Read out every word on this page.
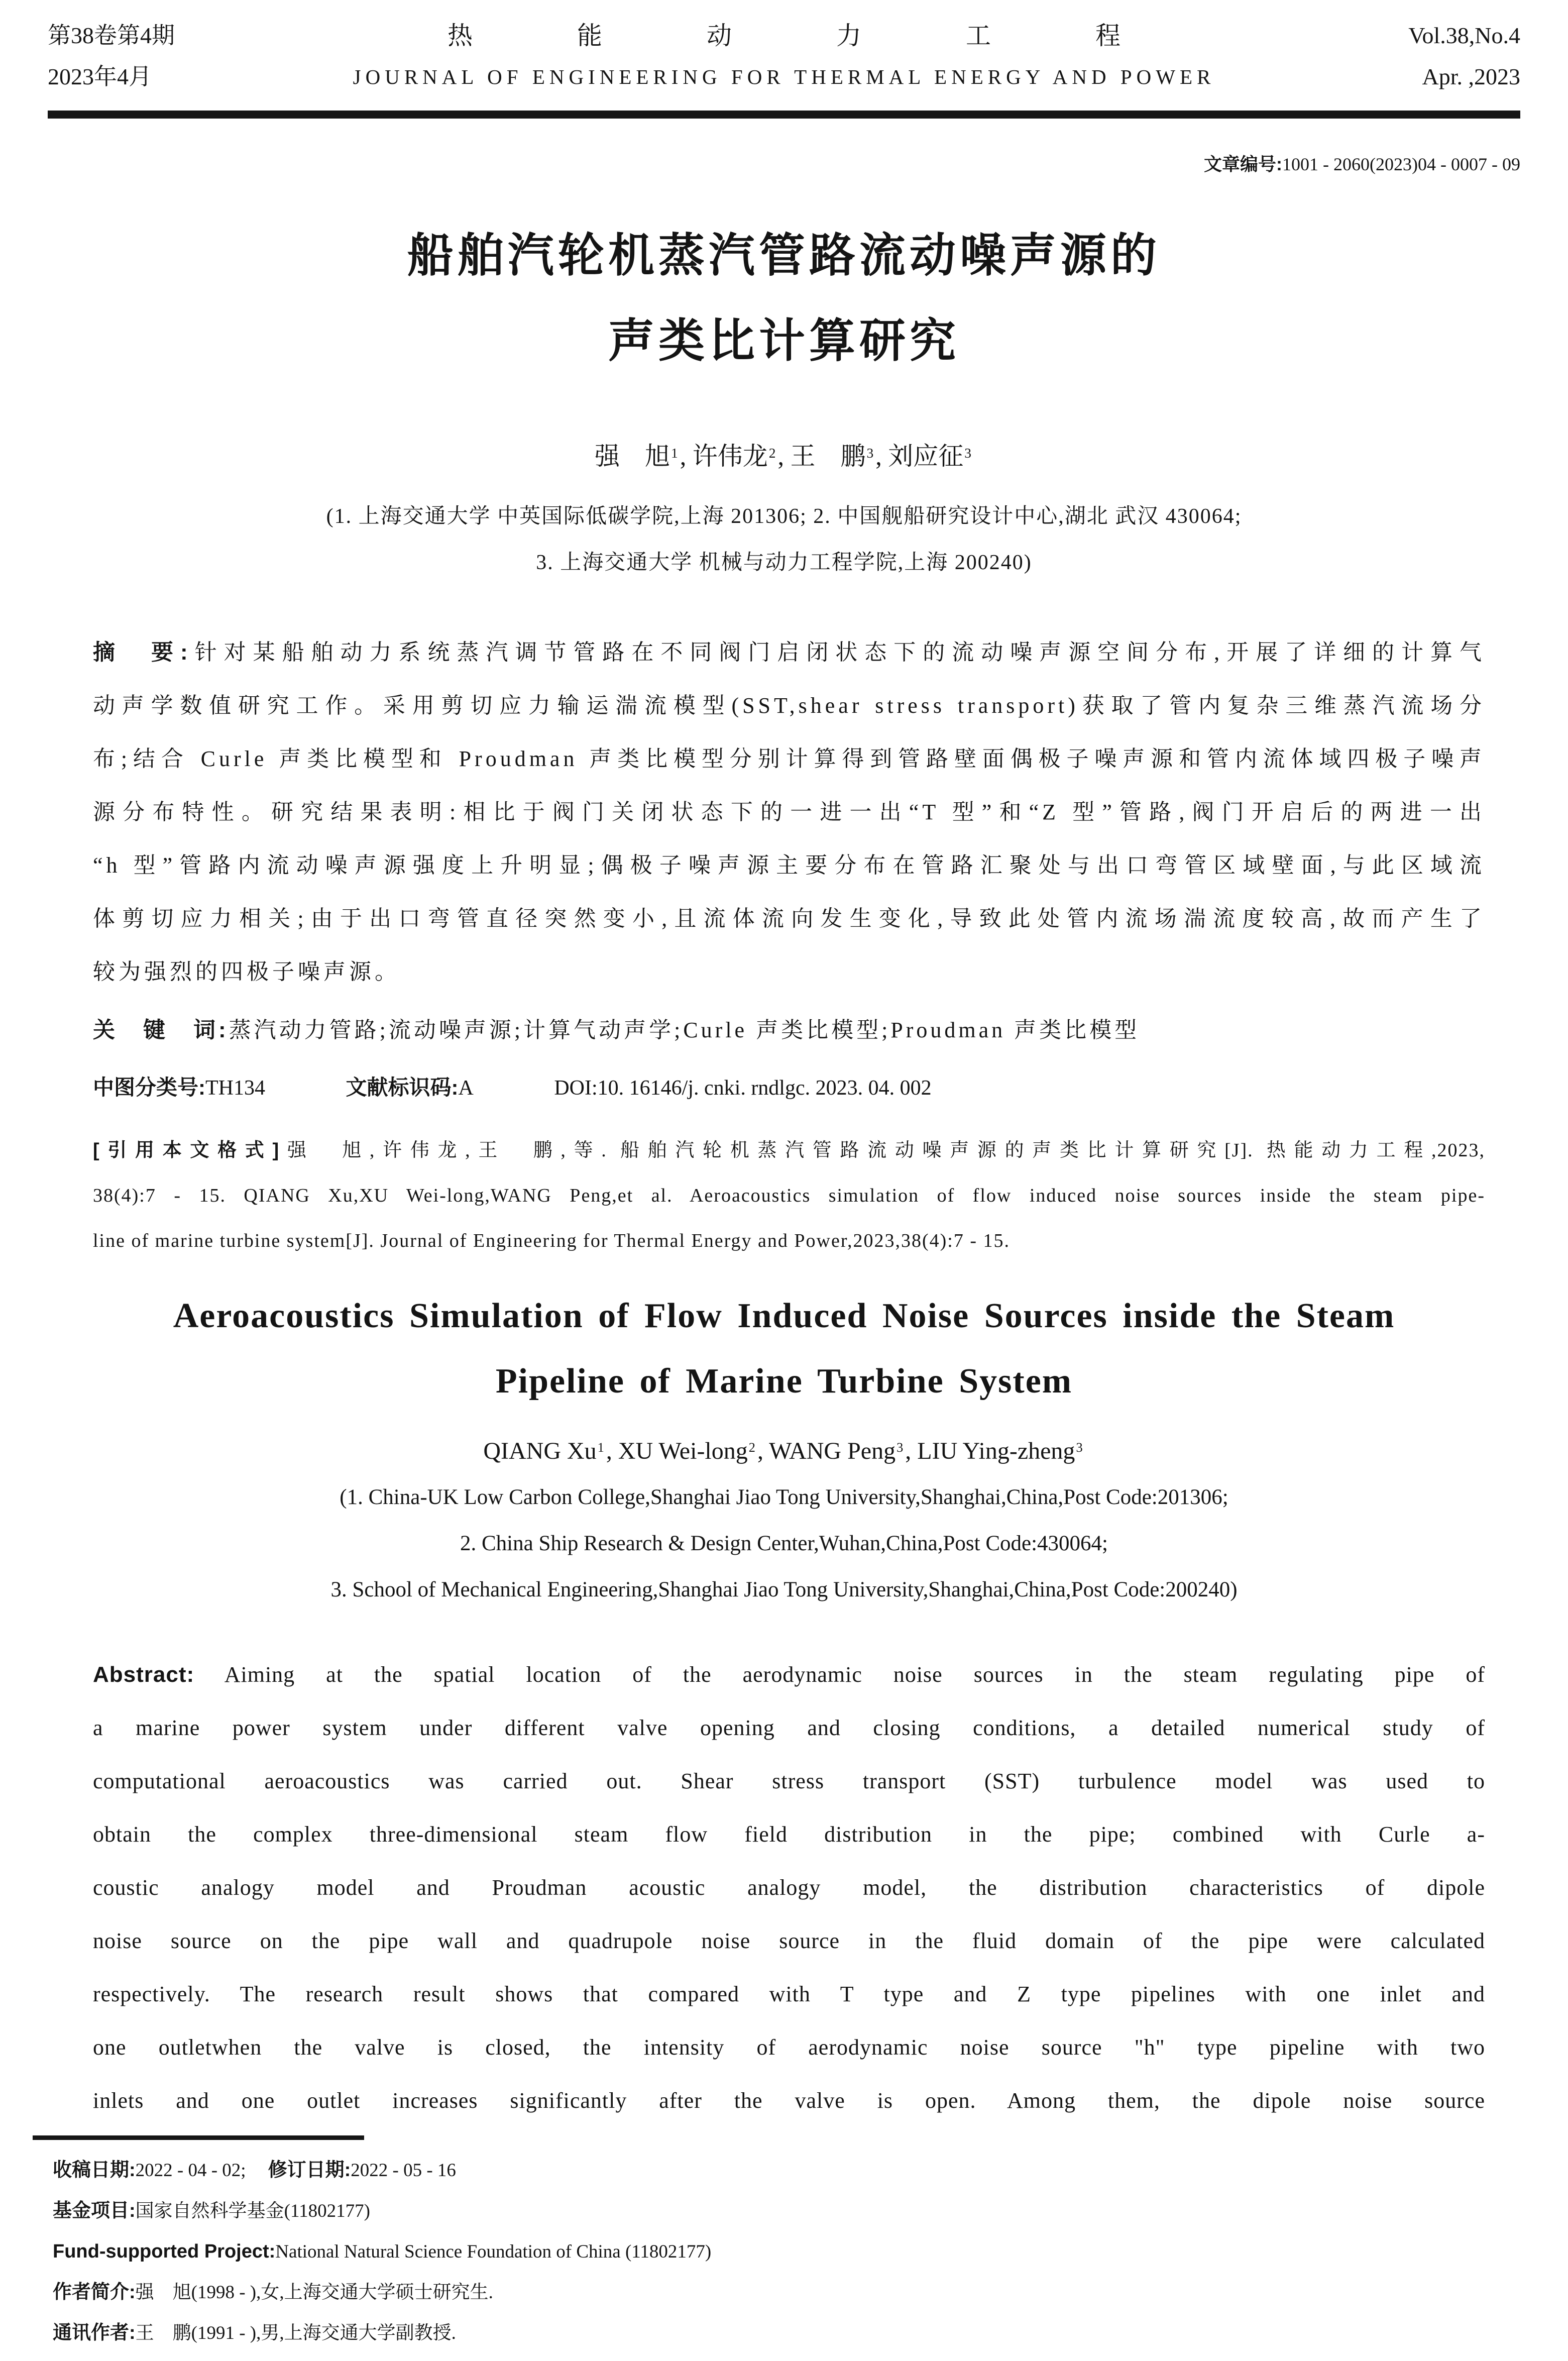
第38卷第4期
2023年4月
热能动力工程
JOURNAL OF ENGINEERING FOR THERMAL ENERGY AND POWER
Vol.38,No.4
Apr. ,2023
文章编号:1001 - 2060(2023)04 - 0007 - 09
船舶汽轮机蒸汽管路流动噪声源的
声类比计算研究
强　旭$^1$, 许伟龙$^2$, 王　鹏$^3$, 刘应征$^3$
(1. 上海交通大学 中英国际低碳学院,上海 201306; 2. 中国舰船研究设计中心,湖北 武汉 430064;
3. 上海交通大学 机械与动力工程学院,上海 200240)
摘　要:针对某船舶动力系统蒸汽调节管路在不同阀门启闭状态下的流动噪声源空间分布,开展了详细的计算气
动声学数值研究工作。采用剪切应力输运湍流模型(SST,shear stress transport)获取了管内复杂三维蒸汽流场分
布;结合 Curle 声类比模型和 Proudman 声类比模型分别计算得到管路壁面偶极子噪声源和管内流体域四极子噪声
源分布特性。研究结果表明:相比于阀门关闭状态下的一进一出“T 型”和“Z 型”管路,阀门开启后的两进一出
“h 型”管路内流动噪声源强度上升明显;偶极子噪声源主要分布在管路汇聚处与出口弯管区域壁面,与此区域流
体剪切应力相关;由于出口弯管直径突然变小,且流体流向发生变化,导致此处管内流场湍流度较高,故而产生了
较为强烈的四极子噪声源。
关　键　词:蒸汽动力管路;流动噪声源;计算气动声学;Curle 声类比模型;Proudman 声类比模型
中图分类号:TH134	文献标识码:A	DOI:10. 16146/j. cnki. rndlgc. 2023. 04. 002
[引用本文格式]强　旭,许伟龙,王　鹏,等. 船舶汽轮机蒸汽管路流动噪声源的声类比计算研究[J]. 热能动力工程,2023,
38(4):7 - 15. QIANG Xu,XU Wei-long,WANG Peng,et al. Aeroacoustics simulation of flow induced noise sources inside the steam pipe-
line of marine turbine system[J]. Journal of Engineering for Thermal Energy and Power,2023,38(4):7 - 15.
Aeroacoustics Simulation of Flow Induced Noise Sources inside the Steam
Pipeline of Marine Turbine System
QIANG Xu$^1$, XU Wei-long$^2$, WANG Peng$^3$, LIU Ying-zheng$^3$
(1. China-UK Low Carbon College,Shanghai Jiao Tong University,Shanghai,China,Post Code:201306;
2. China Ship Research & Design Center,Wuhan,China,Post Code:430064;
3. School of Mechanical Engineering,Shanghai Jiao Tong University,Shanghai,China,Post Code:200240)
Abstract: Aiming at the spatial location of the aerodynamic noise sources in the steam regulating pipe of
a marine power system under different valve opening and closing conditions, a detailed numerical study of
computational aeroacoustics was carried out. Shear stress transport (SST) turbulence model was used to
obtain the complex three-dimensional steam flow field distribution in the pipe; combined with Curle a-
coustic analogy model and Proudman acoustic analogy model, the distribution characteristics of dipole
noise source on the pipe wall and quadrupole noise source in the fluid domain of the pipe were calculated
respectively. The research result shows that compared with T type and Z type pipelines with one inlet and
one outletwhen the valve is closed, the intensity of aerodynamic noise source "h" type pipeline with two
inlets and one outlet increases significantly after the valve is open. Among them, the dipole noise source
收稿日期:2022 - 04 - 02; 修订日期:2022 - 05 - 16
基金项目:国家自然科学基金(11802177)
Fund-supported Project:National Natural Science Foundation of China (11802177)
作者简介:强　旭(1998 - ),女,上海交通大学硕士研究生.
通讯作者:王　鹏(1991 - ),男,上海交通大学副教授.
